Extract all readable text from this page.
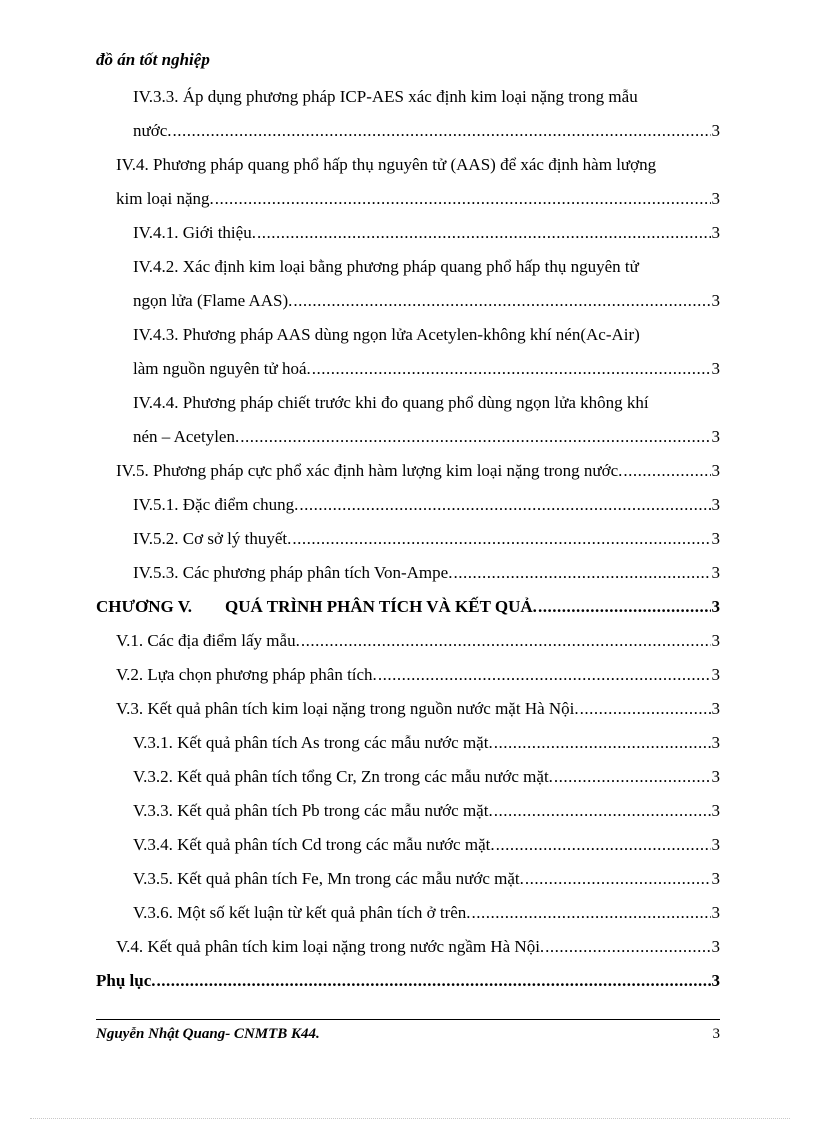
đồ án tốt nghiệp
IV.3.3. Áp dụng phương pháp ICP-AES xác định kim loại nặng trong mẫu
nước. .....	3
IV.4. Phương pháp quang phổ hấp thụ nguyên tử (AAS) để xác định hàm lượng
kim loại nặng. .....	3
IV.4.1. Giới thiệu. .....	3
IV.4.2. Xác định kim loại bằng phương pháp quang phổ hấp thụ nguyên tử
ngọn lửa (Flame AAS). .....	3
IV.4.3. Phương pháp AAS dùng ngọn lửa Acetylen-không khí nén(Ac-Air)
làm nguồn nguyên tử hoá. .....	3
IV.4.4. Phương pháp chiết trước khi đo quang phổ dùng ngọn lửa không khí
nén – Acetylen. .....	3
IV.5. Phương pháp cực phổ xác định hàm lượng kim loại nặng trong nước. .....	3
IV.5.1. Đặc điểm chung. .....	3
IV.5.2. Cơ sở lý thuyết. .....	3
IV.5.3. Các phương pháp phân tích Von-Ampe. .....	3
CHƯƠNG V. QUÁ TRÌNH PHÂN TÍCH VÀ KẾT QUẢ. .....	3
V.1. Các địa điểm lấy mẫu. .....	3
V.2. Lựa chọn phương pháp phân tích. .....	3
V.3. Kết quả phân tích kim loại nặng trong nguồn nước mặt Hà Nội. .....	3
V.3.1. Kết quả phân tích As trong các mẫu nước mặt. .....	3
V.3.2. Kết quả phân tích tổng Cr, Zn trong các mẫu nước mặt. .....	3
V.3.3. Kết quả phân tích Pb trong các mẫu nước mặt. .....	3
V.3.4. Kết quả phân tích Cd trong các mẫu nước mặt. .....	3
V.3.5. Kết quả phân tích Fe, Mn trong các mẫu nước mặt. .....	3
V.3.6. Một số kết luận từ kết quả phân tích ở trên. .....	3
V.4. Kết quả phân tích kim loại nặng trong nước ngầm Hà Nội. .....	3
Phụ lục. .....	3
Nguyễn Nhật Quang- CNMTB K44.	3
